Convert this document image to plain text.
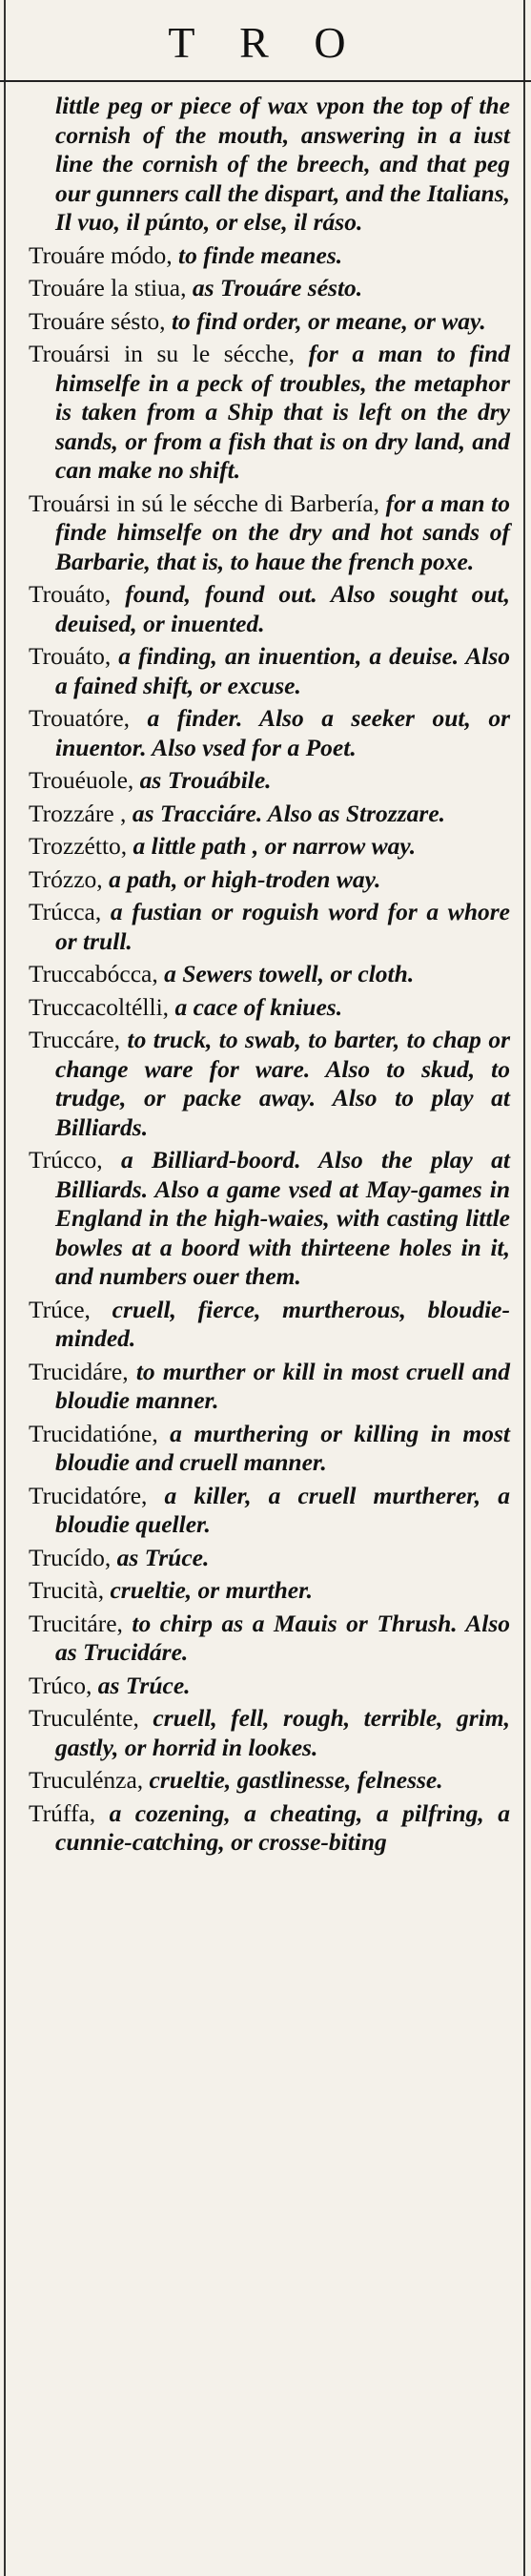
T R O

little peg or piece of wax vpon the top of the cornish of the mouth, answering in a iust line the cornish of the breech, and that peg our gunners call the dispart, and the Italians, Il vuo, il púnto, or else, il ráso.

Trouáre módo, to finde meanes.

Trouáre la stiua, as Trouáre sésto.

Trouáre sésto, to find order, or meane, or way.

Trouársi in su le sécche, for a man to find himselfe in a peck of troubles, the metaphor is taken from a Ship that is left on the dry sands, or from a fish that is on dry land, and can make no shift.

Trouársi in sú le sécche di Barbería, for a man to finde himselfe on the dry and hot sands of Barbarie, that is, to haue the french poxe.

Trouáto, found, found out. Also sought out, deuised, or inuented.

Trouáto, a finding, an inuention, a deuise. Also a fained shift, or excuse.

Trouatóre, a finder. Also a seeker out, or inuentor. Also vsed for a Poet.

Trouéuole, as Trouábile.

Trozzáre , as Tracciáre. Also as Strozzare.

Trozzétto, a little path , or narrow way.

Trózzo, a path, or high-troden way.

Trúcca, a fustian or roguish word for a whore or trull.

Truccabócca, a Sewers towell, or cloth.

Truccacoltélli, a cace of kniues.

Truccáre, to truck, to swab, to barter, to chap or change ware for ware. Also to skud, to trudge, or packe away. Also to play at Billiards.

Trúcco, a Billiard-boord. Also the play at Billiards. Also a game vsed at May-games in England in the high-waies, with casting little bowles at a boord with thirteene holes in it, and numbers ouer them.

Trúce, cruell, fierce, murtherous, bloudie-minded.

Trucidáre, to murther or kill in most cruell and bloudie manner.

Trucidatióne, a murthering or killing in most bloudie and cruell manner.

Trucidatóre, a killer, a cruell murtherer, a bloudie queller.

Trucído, as Trúce.

Trucità, crueltie, or murther.

Trucitáre, to chirp as a Mauis or Thrush. Also as Trucidáre.

Trúco, as Trúce.

Truculénte, cruell, fell, rough, terrible, grim, gastly, or horrid in lookes.

Truculénza, crueltie, gastlinesse, felnesse.

Trúffa, a cozening, a cheating, a pilfring, a cunnie-catching, or crosse-biting
